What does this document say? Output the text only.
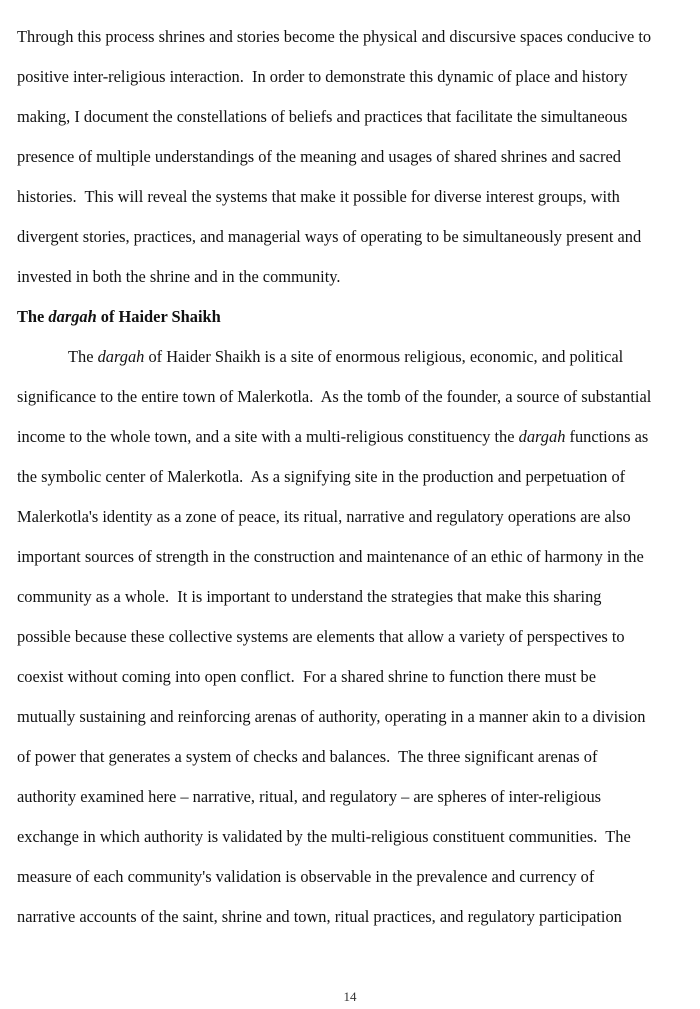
Through this process shrines and stories become the physical and discursive spaces conducive to
positive inter-religious interaction.  In order to demonstrate this dynamic of place and history
making, I document the constellations of beliefs and practices that facilitate the simultaneous
presence of multiple understandings of the meaning and usages of shared shrines and sacred
histories.  This will reveal the systems that make it possible for diverse interest groups, with
divergent stories, practices, and managerial ways of operating to be simultaneously present and
invested in both the shrine and in the community.
The dargah of Haider Shaikh
The dargah of Haider Shaikh is a site of enormous religious, economic, and political
significance to the entire town of Malerkotla.  As the tomb of the founder, a source of substantial
income to the whole town, and a site with a multi-religious constituency the dargah functions as
the symbolic center of Malerkotla.  As a signifying site in the production and perpetuation of
Malerkotla's identity as a zone of peace, its ritual, narrative and regulatory operations are also
important sources of strength in the construction and maintenance of an ethic of harmony in the
community as a whole.  It is important to understand the strategies that make this sharing
possible because these collective systems are elements that allow a variety of perspectives to
coexist without coming into open conflict.  For a shared shrine to function there must be
mutually sustaining and reinforcing arenas of authority, operating in a manner akin to a division
of power that generates a system of checks and balances.  The three significant arenas of
authority examined here – narrative, ritual, and regulatory – are spheres of inter-religious
exchange in which authority is validated by the multi-religious constituent communities.  The
measure of each community's validation is observable in the prevalence and currency of
narrative accounts of the saint, shrine and town, ritual practices, and regulatory participation
14
